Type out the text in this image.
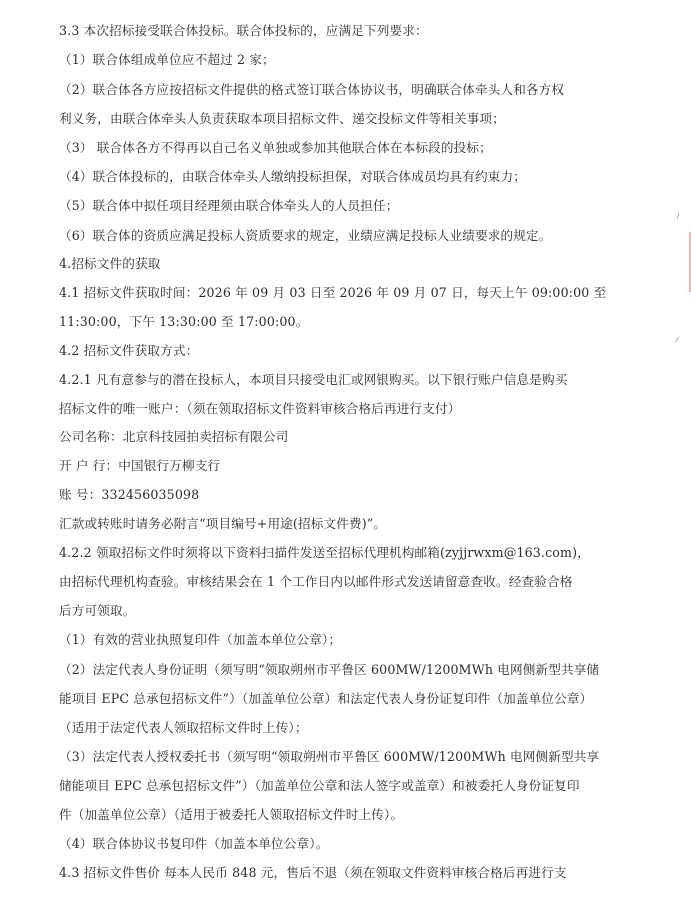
3.3 本次招标接受联合体投标。联合体投标的，应满足下列要求：
（1）联合体组成单位应不超过 2 家；
（2）联合体各方应按招标文件提供的格式签订联合体协议书，明确联合体牵头人和各方权
利义务，由联合体牵头人负责获取本项目招标文件、递交投标文件等相关事项；
（3） 联合体各方不得再以自己名义单独或参加其他联合体在本标段的投标；
（4）联合体投标的，由联合体牵头人缴纳投标担保，对联合体成员均具有约束力；
（5）联合体中拟任项目经理须由联合体牵头人的人员担任；
（6）联合体的资质应满足投标人资质要求的规定，业绩应满足投标人业绩要求的规定。
4.招标文件的获取
4.1 招标文件获取时间：2026 年 09 月 03 日至 2026 年 09 月 07 日，每天上午 09:00:00 至
11:30:00，下午 13:30:00 至 17:00:00。
4.2 招标文件获取方式：
4.2.1 凡有意参与的潜在投标人，本项目只接受电汇或网银购买。以下银行账户信息是购买
招标文件的唯一账户：（须在领取招标文件资料审核合格后再进行支付）
公司名称：北京科技园拍卖招标有限公司
开 户 行：中国银行万柳支行
账 号：332456035098
汇款或转账时请务必附言“项目编号+用途(招标文件费)”。
4.2.2 领取招标文件时须将以下资料扫描件发送至招标代理机构邮箱(zyjjrwxm@163.com)，
由招标代理机构查验。审核结果会在 1 个工作日内以邮件形式发送请留意查收。经查验合格
后方可领取。
（1）有效的营业执照复印件（加盖本单位公章）；
（2）法定代表人身份证明（须写明“领取朔州市平鲁区 600MW/1200MWh 电网侧新型共享储
能项目 EPC 总承包招标文件”）（加盖单位公章）和法定代表人身份证复印件（加盖单位公章）
（适用于法定代表人领取招标文件时上传）；
（3）法定代表人授权委托书（须写明“领取朔州市平鲁区 600MW/1200MWh 电网侧新型共享
储能项目 EPC 总承包招标文件”）（加盖单位公章和法人签字或盖章）和被委托人身份证复印
件（加盖单位公章）（适用于被委托人领取招标文件时上传）。
（4）联合体协议书复印件（加盖本单位公章）。
4.3 招标文件售价 每本人民币 848 元，售后不退（须在领取文件资料审核合格后再进行支
~
~
